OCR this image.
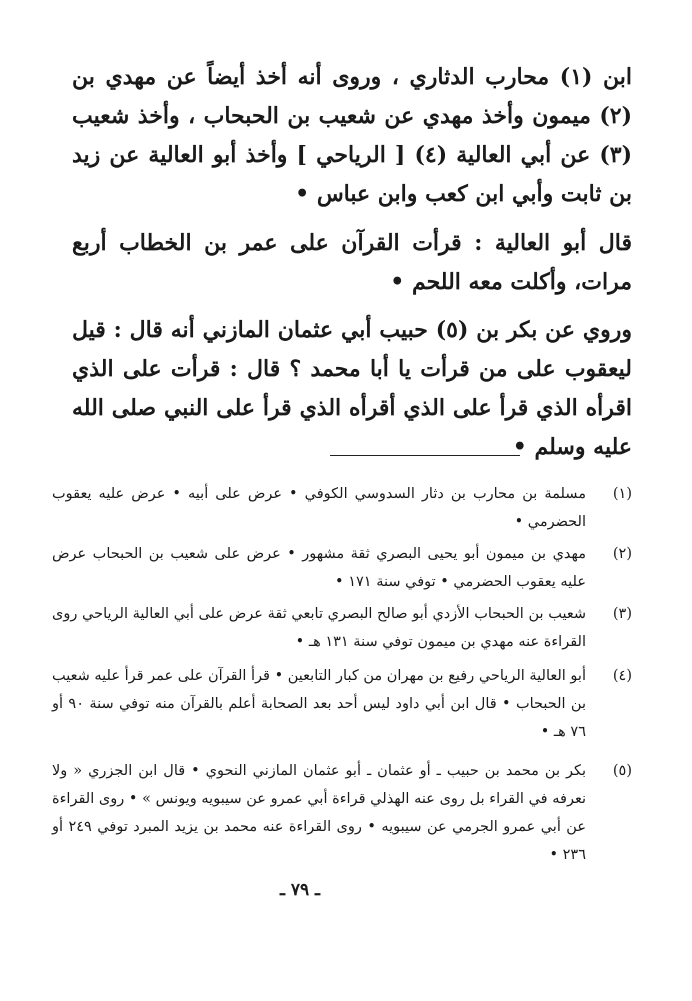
ابن (١) محارب الدثاري ، وروى أنه أخذ أيضاً عن مهدي بن (٢) ميمون وأخذ مهدي عن شعيب بن الحبحاب ، وأخذ شعيب (٣) عن أبي العالية (٤) [ الرياحي ] وأخذ أبو العالية عن زيد بن ثابت وأبي ابن كعب وابن عباس •
قال أبو العالية : قرأت القرآن على عمر بن الخطاب أربع مرات، وأكلت معه اللحم •
وروي عن بكر بن (٥) حبيب أبي عثمان المازني أنه قال : قيل ليعقوب على من قرأت يا أبا محمد ؟ قال : قرأت على الذي اقرأه الذي قرأ على الذي أقرأه الذي قرأ على النبي صلى الله عليه وسلم •
(١)
مسلمة بن محارب بن دثار السدوسي الكوفي • عرض على أبيه • عرض عليه يعقوب الحضرمي •
(٢)
مهدي بن ميمون أبو يحيى البصري ثقة مشهور • عرض على شعيب بن الحبحاب عرض عليه يعقوب الحضرمي • توفي سنة ١٧١ •
(٣)
شعيب بن الحبحاب الأزدي أبو صالح البصري تابعي ثقة عرض على أبي العالية الرياحي روى القراءة عنه مهدي بن ميمون توفي سنة ١٣١ هـ •
(٤)
أبو العالية الرياحي رفيع بن مهران من كبار التابعين • قرأ القرآن على عمر قرأ عليه شعيب بن الحبحاب • قال ابن أبي داود ليس أحد بعد الصحابة أعلم بالقرآن منه توفي سنة ٩٠ أو ٧٦ هـ •
(٥)
بكر بن محمد بن حبيب ـ أو عثمان ـ أبو عثمان المازني النحوي • قال ابن الجزري « ولا نعرفه في القراء بل روى عنه الهذلي قراءة أبي عمرو عن سيبويه ويونس » • روى القراءة عن أبي عمرو الجرمي عن سيبويه • روى القراءة عنه محمد بن يزيد المبرد توفي ٢٤٩ أو ٢٣٦ •
ـ ٧٩ ـ
